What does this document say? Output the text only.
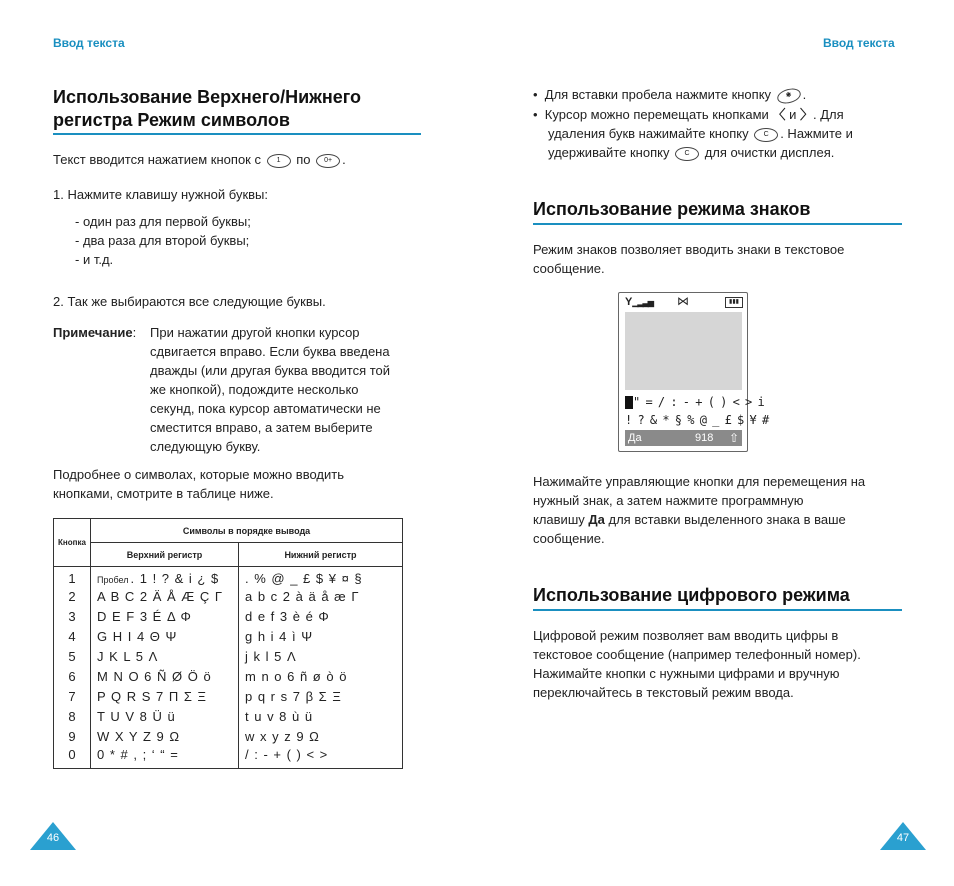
Ввод текста
Использование Верхнего/Нижнего
регистра Режим символов
Текст вводится нажатием кнопок с 1 по 0+ .
1. Нажмите клавишу нужной буквы:
- один раз для первой буквы;
- два раза для второй буквы;
- и т.д.
2. Так же выбираются все следующие буквы.
Примечание: При нажатии другой кнопки курсор
сдвигается вправо. Если буква введена
дважды (или другая буква вводится той
же кнопкой), подождите несколько
секунд, пока курсор автоматически не
сместится вправо, а затем выберите
следующую букву.
Подробнее о символах, которые можно вводить
кнопками, смотрите в таблице ниже.
Кнопка	Символы в порядке вывода	
	Верхний регистр	Нижний регистр
1	Пробел . 1 ! ? & i ¿ $	. % @ _ £ $ ¥ ¤ §
2	A B C 2 Ä Å Æ Ç Γ	a b c 2 à ä å æ Γ
3	D E F 3 É Δ Φ	d e f 3 è é Φ
4	G H I 4 Θ Ψ	g h i 4 ì Ψ
5	J K L 5 Λ	j k l 5 Λ
6	M N O 6 Ñ Ø Ö ö	m n o 6 ñ ø ò ö
7	P Q R S 7 Π Σ Ξ	p q r s 7 β Σ Ξ
8	T U V 8 Ü ü	t u v 8 ù ü
9	W X Y Z 9 Ω	w x y z 9 Ω
0	0 * # , ; ‘ “ =	/ : - + ( ) < >
46
Ввод текста
•  Для вставки пробела нажмите кнопку ✱ .
•  Курсор можно перемещать кнопками 〈 и 〉. Для
удаления букв нажимайте кнопку C . Нажмите и
удерживайте кнопку C для очистки дисплея.
Использование режима знаков
Режим знаков позволяет вводить знаки в текстовое
сообщение.
Y▁▂▃▅ ⋈	▮▮▮
" = / : - + ( ) < > i
! ? & * § % @ _ £ $ ¥ #
Да	918 ⇧
Нажимайте управляющие кнопки для перемещения на
нужный знак, а затем нажмите программную
клавишу Да для вставки выделенного знака в ваше
сообщение.
Использование цифрового режима
Цифровой режим позволяет вам вводить цифры в
текстовое сообщение (например телефонный номер).
Нажимайте кнопки с нужными цифрами и вручную
переключайтесь в текстовый режим ввода.
47
